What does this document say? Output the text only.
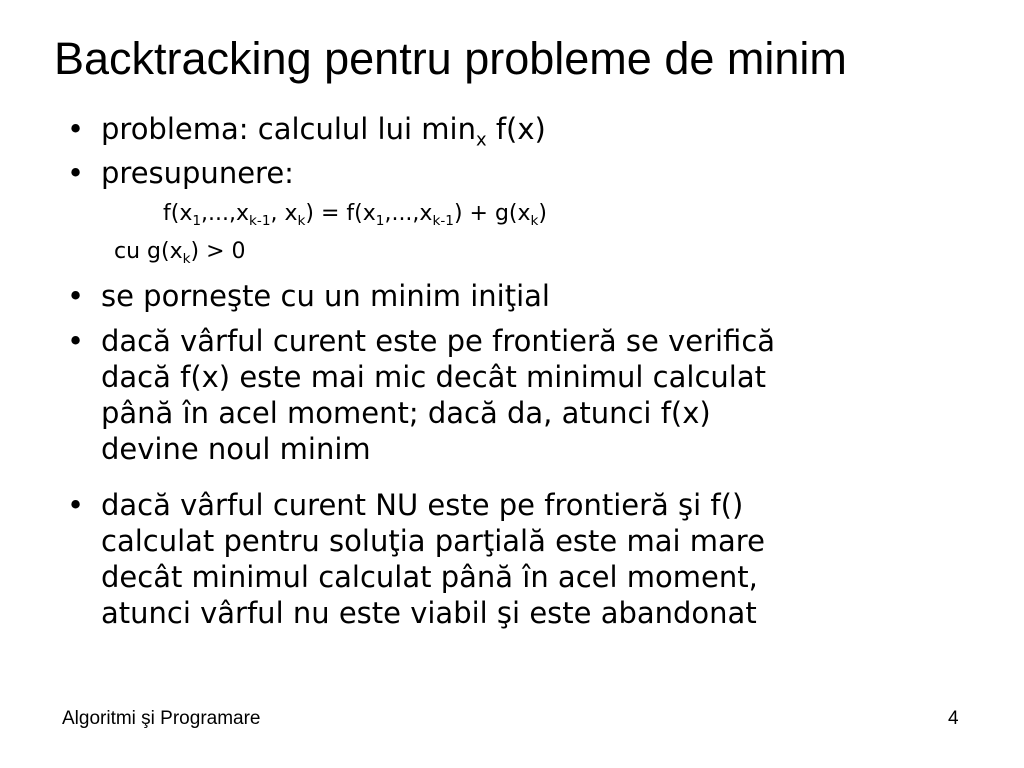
Backtracking pentru probleme de minim
• problema: calculul lui $\min_x f(x)$
• presupunere:
$f(x_1,...,x_{k-1}$, $x_k) = f(x_1,...,x_{k-1}) + g(x_k)$
cu $g(x_k) > 0$
• se porneşte cu un minim iniţial
• dacă vârful curent este pe frontieră se verifică
dacă f(x) este mai mic decât minimul calculat
până în acel moment; dacă da, atunci f(x)
devine noul minim
• dacă vârful curent NU este pe frontieră şi f()
calculat pentru soluţia parţială este mai mare
decât minimul calculat până în acel moment,
atunci vârful nu este viabil şi este abandonat
Algoritmi şi Programare	4
